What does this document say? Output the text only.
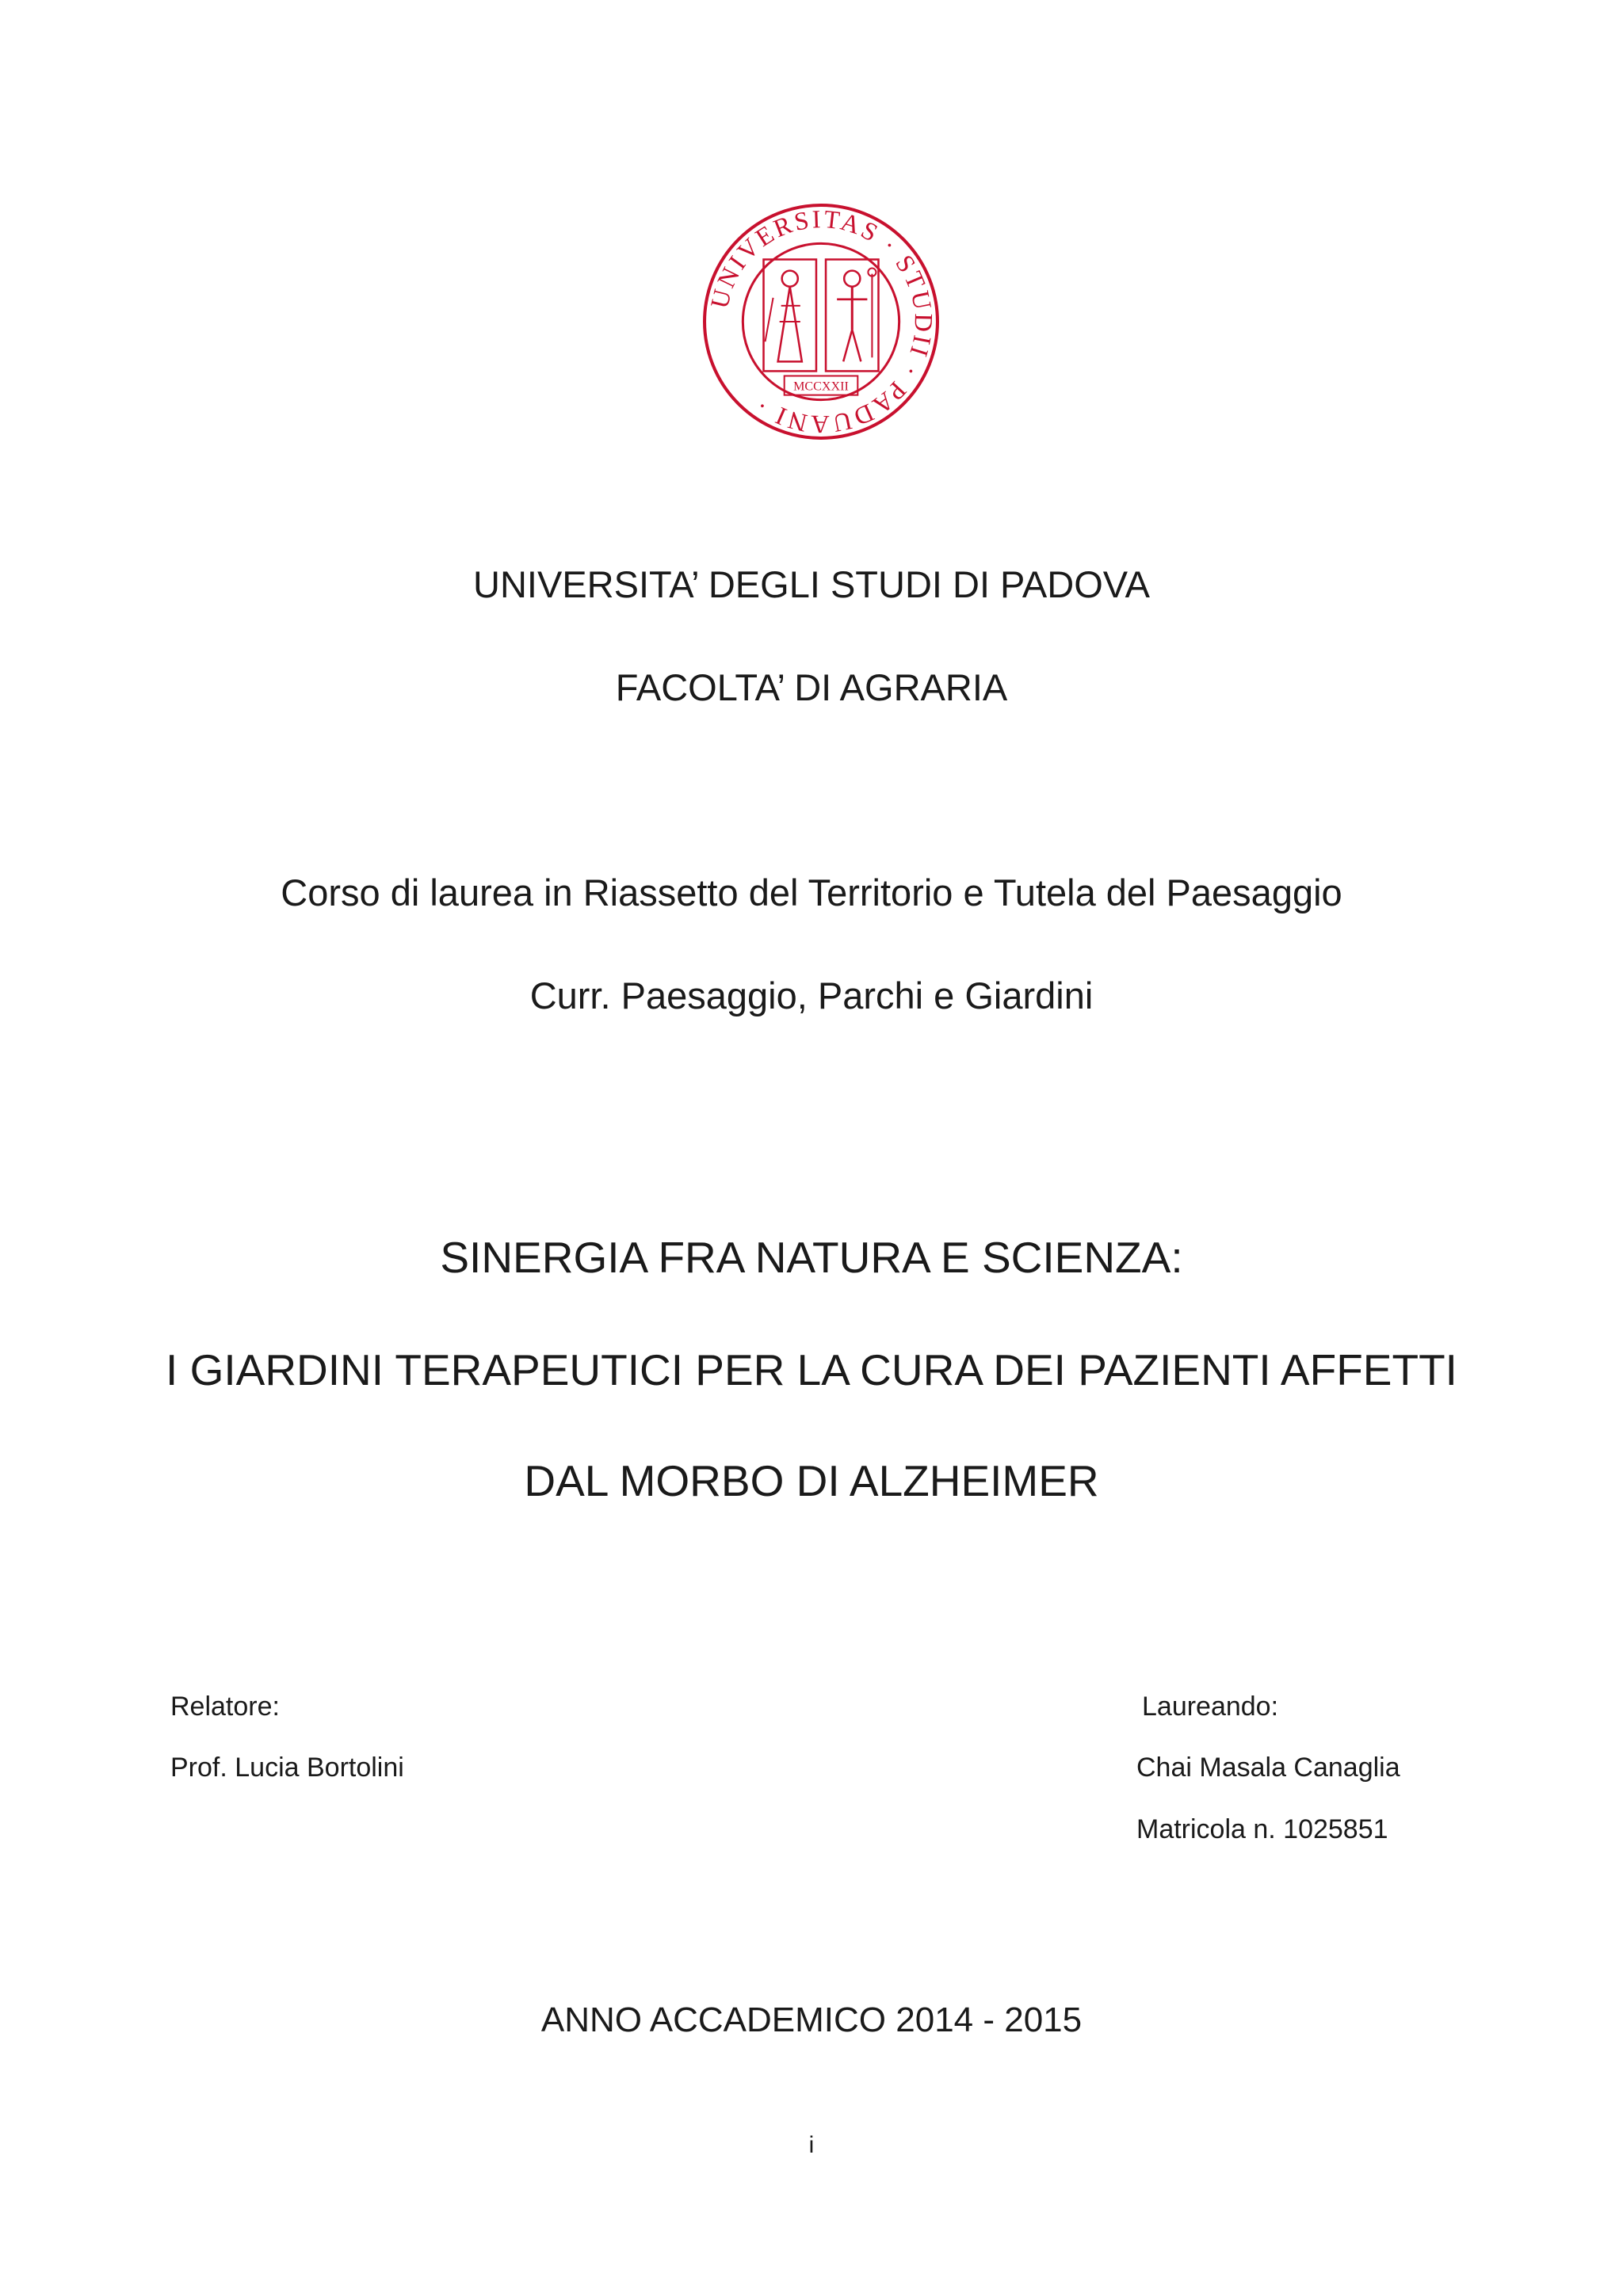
UNIVERSITAS · STUDII · PADUANI ·
MCCXXII
UNIVERSITA’ DEGLI STUDI DI PADOVA
FACOLTA’ DI AGRARIA
Corso di laurea in Riassetto del Territorio e Tutela del Paesaggio
Curr. Paesaggio, Parchi e Giardini
SINERGIA FRA NATURA E SCIENZA:
I GIARDINI TERAPEUTICI PER LA CURA DEI PAZIENTI AFFETTI
DAL MORBO DI ALZHEIMER
Relatore:
Prof. Lucia Bortolini
Laureando:
Chai Masala Canaglia
Matricola n. 1025851
ANNO ACCADEMICO 2014 - 2015
i
